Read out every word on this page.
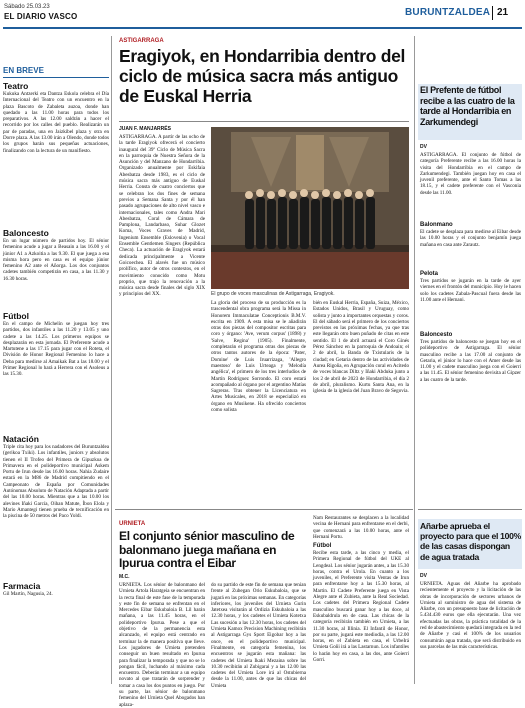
Sábado 25.03.23
EL DIARIO VASCO	BURUNTZALDEA 21
EN BREVE
Teatro
Kukuka Antzerki eta Dantza Eskola celebra el Día Internacional del Teatro con un encuentro en la plaza Bascoto de Zabaleta auzoa, donde han quedado a las 11.00 horas para todos los preparativos. A las 12.00 saldrán a hacer el recorrido por los calles del pueblo. Realizarán un par de paradas, una en Jaizkibel plaza y otra en Dorre plaza. A las 13.00 irán a Olendo, donde todos los grupos harán sus pequeñas actuaciones, finalizando con la lectura de un manifiesto.
Baloncesto
En un lugar número de partidos hoy. El sénior femenino acude a jugar a Beasain a las 16.00 y el júnior A1 a Azkoitia a las 9.30. El que juega a esa misma hora pero en casa es el equipo júnior femenino A2 ante el Añorga. Los dos conjuntos cadetes también competirán en casa, a las 11.30 y 16.30 horas.
Fútbol
En el campo de Michelín se juegan hoy tres partidos, dos infantiles a las 11.20 y 13.05 y uno cadete a las 14.25. Los primeros equipos se desplazarán en esta jornada. El Preferente acude a Martutene a las 17.15 para jugar con el Roteta, el División de Honor Regional Femenino lo hace a Deba para medirse al Amaikak Bat a las 18.00 y el Primer Regional lo hará a Herrera con el Asoleus a las 15.30.
Natación
Triple cita hoy para los nadadores del Buruntzaldea (gerikoa Txiki). Los infantiles, juniors y absolutos tienen el II Trofeo del Primera de Gipuzkoa de Primavera en el polideportivo municipal Askem Portu de Irun desde las 16.00 horas. Nahia Zudaire estará en la M86 de Madrid compitiendo en el Campeonato de España por Comunidades Autónomas Absoluto de Natación Adaptada a partir del las 10.00 horas. Mientras que a las 10.00 los alevines Iñaki García, Oihan Matute, Íbon Elola y Mario Amantegi tienen prueba de tecnificación en la piscina de 50 metros del Paco Yoldi.
Farmacia
Gil Martín, Nagusia, 24.
ASTIGARRAGA
Eragiyok, en Hondarribia dentro del ciclo de música sacra más antiguo de Euskal Herria
JUAN F. MANJARRÉS
ASTIGARRAGA. A partir de las ocho de la tarde Eragiyok ofrecerá el concierto inaugural del 39º Ciclo de Música Sacra en la parroquia de Nuestra Señora de la Asunción y del Manzano de Hondarribia. Organizado anualmente por Eskifaia Abesbatza desde 1983, es el ciclo de música sacra más antiguo de Euskal Herria. Consta de cuatro conciertos que se celebran los dos fines de semana previos a Semana Santa y por él han pasado agrupaciones de alto nivel vasco e internacionales, tales como Andra Mari Abesbatza, Coral de Cámara de Pamplona, Landarbaso, Suhar Glozet Koma, Voces Graves de Madrid, Ingenium Ensemble (Eslovenia) o Vocal Ensemble Gentlemen Singers (República Checa). La actuación de Eragiyok estará dedicada principalmente a Vicente Goicoechea. El alavés fue un músico prolífico, autor de otros contextos, en el movimiento conocido como Motu proprio, que trajo la renovación a la música sacra desde finales del siglo XIX y principios del XX.	El grupo de voces masculinas de Astigarraga, Eragiyok.
La gloria del proceso de su producción es la trascendental obra programa será la Missa in Honorem Immaculatae Conceptionis B.M.V. escrita en 1909. A esta misa se le añadirán otras dos piezas del compositor escritas para coro y órgano: 'Ave, verum corpus' (1898) y 'Salve, Regina' (1905). Finalmente, completarán el programa otras dos piezas de otros tantos autores de la época: 'Pater, Domine' de Luis Iruarrizaga, 'Allegro maestoso' de Luis Urteaga y 'Melodía angélica', el primero de los tres interludios de Martín Rodríguez Sorrondo. El coro estará acompañado al órgano por el argentino Matías Sagreras. Tras obtener la Licenciatura en Artes Musicales, en 2018 se especializó en órgano en Musikene. Ha ofrecido conciertos como solista
bién en Euskal Herria, España, Suiza, México, Estados Unidos, Brasil y Uruguay, como solista y junto a importantes orquestas y coros. El del sábado será el primero de los conciertos previstos en las próximas fechas, ya que tras este llegarán otro buen puñado de citas en este sentido. El 1 de abril actuará el Coro Ginés Pérez Sánchez en la parroquia de Andoain; el 2 de abril, la Banda de Txistularis de la ciudad; en Getaria dentro de las actividades de Aurea Rigoña, en Agrupación coral en Acitedo de voces blancas Diltz y Iñaki Abduka junto a los 2 de abril de 2023 de Hondarribia, el día 2 de abril, pluralismo. Kurtu Santa Ana, en la iglesia de la iglesia del Juan Bravo de Segovia.
El Prefente de fútbol recibe a las cuatro de la tarde al Hondarribia en Zarkumendegi
DV
ASTIGARRAGA. El conjunto de fútbol de categoría Preferente recibe a las 16.00 horas la visita del Hondarribia en el campo de Zarkumendegi. También juegan hoy en casa el juvenil preferente, ante el Santo Tomas a las 18.15, y el cadete preferente con el Vasconia desde las 11.00.
Balonmano
El cadete se desplaza para medirse al Eibar desde las 10.00 horas y el conjunto benjamín juega mañana en casa ante Zarautz.
Pelota
Tres partidos se jugarán en la tarde de ayer viernes en el frontón del municipio. Hoy le hacen solo los cadetes Zabala-Pascual fuera desde las 11.00 ante el Hernani.
Baloncesto
Tres partidos de baloncesto se juegan hoy en el polideportivo de Astigarraga. El sénior masculino recibe a las 17.00 al conjunto de Getaria, el júnior lo hace con el Amer desde las 11.00 y el cadete masculino juega con el Goierri a las 11.45. El sénior femenino devisita al Gipzer a las cuatro de la tarde.
URNIETA
El conjunto sénior masculino de balonmano juega mañana en Ipurua contra el Eibar
M.C.
URNIETA. Los sénior de balonmano del Urnieta Artola Haratgeia se encuentran en la recta final de este fase de la temporada y este fin de semana se enfrentan en el Mercedes Eibar Eskubaloia B. Lil harán mañana, a las 11.45 horas, en el polideportivo Ipurua. Pese a que el objetivo de la permanencia esta alcanzado, el equipo está centrado en terminar la de manera positiva que lleve. Los jugadores de Urnieta pretenden conseguir un buen resultado en Ipurua para finalizar la temporada y que no se lo pongan fácil, luchando al máximo cada encuentro. Deberán terminar a un equipo novato al que tratarán de sorprender y tomar a casa los dos puntos en juego. Por su parte, las sénior de balonmano femenino del Urnieta Quel Abogados han aplaza-
do su partido de este fin de semana que tenían frente al Zubegan Orio Eskubaloia, que se jugará en las próximas semanas. En categorías inferiores, los juveniles del Urnieta Gurin Jatetxea visitarán al Ordizia Eskubaloia a las 12.30 horas, y los cadetes el Urnieta Kotetxa Las sucesión a las 12.30 horas, los cadetes del Urnieta Kamox Precision Machining recibirán al Astigarraga Gys Sport Eigobar hoy a las once, en el polideportivo municipal. Finalmente, en categoría femenina, los encuentros se jugarán esta mañana: las cadetes del Urnieta Ikaki Mezaina sobre las 10.30 recibirán al Zubigarai y a las 12.00 las cadetes del Urnieta Lore irá al Ostubierna desde la 11.00, antes de que las chicas del Urnieta
Nam Restaurantes se desplacen a la localidad vecina de Hernani para enfrentarse en el derbi, que comenzará a las 10.00 horas, ante el Hernani Portu.
Fútbol
Recibe esta tarde, a las cinco y media, el Primera Regional de fútbol del UKE al Lengdeal. Los sénior jugarán antes, a las 15.30 horas, contra el Urola. En cuanto a los juveniles, el Preferente visita Ventas de Irun para enfrentarse hoy a las 15.30 horas, al Martin. El Cadete Preferente juega en Vista Alegre ante el Zubieta, ante la Real Sociedad. Los cadetes del Primera Regional Cadete masculino buscará ganar hoy a las doce, al Eskubaldrula en de casa. Las chicas de la categoría recibirán también en Urnieta, a las 11.30 horas, al Illinia. El Infantil de Honor, por su parte, jugará este mediodía, a las 12.00 horas, en el Zubieta en casa, el UrbeIrá Urnieta Goñi irá a las Lastarnun. Los infantiles lo harán hoy en casa, a las dos, ante Goierri Gorri.
Añarbe aprueba el proyecto para que el 100% de las casas dispongan de agua tratada
DV
URNIETA. Aguas del Añarbe ha aprobado recientemente el proyecto y la licitación de las obras de incorporación de sectores urbanos de Urnieta al suministro de agua del sistema de Añarbe, con un presupuesto base de licitación de 5.434.430 euros que ella ejecutarán. Una vez efectuadas las obras, la práctica totalidad de la red de abastecimiento quedará integrada en la red de Añarbe y casi el 100% de los usuarios consumirán agua tratada, que será distribuido en sus parcelas de las más características.
